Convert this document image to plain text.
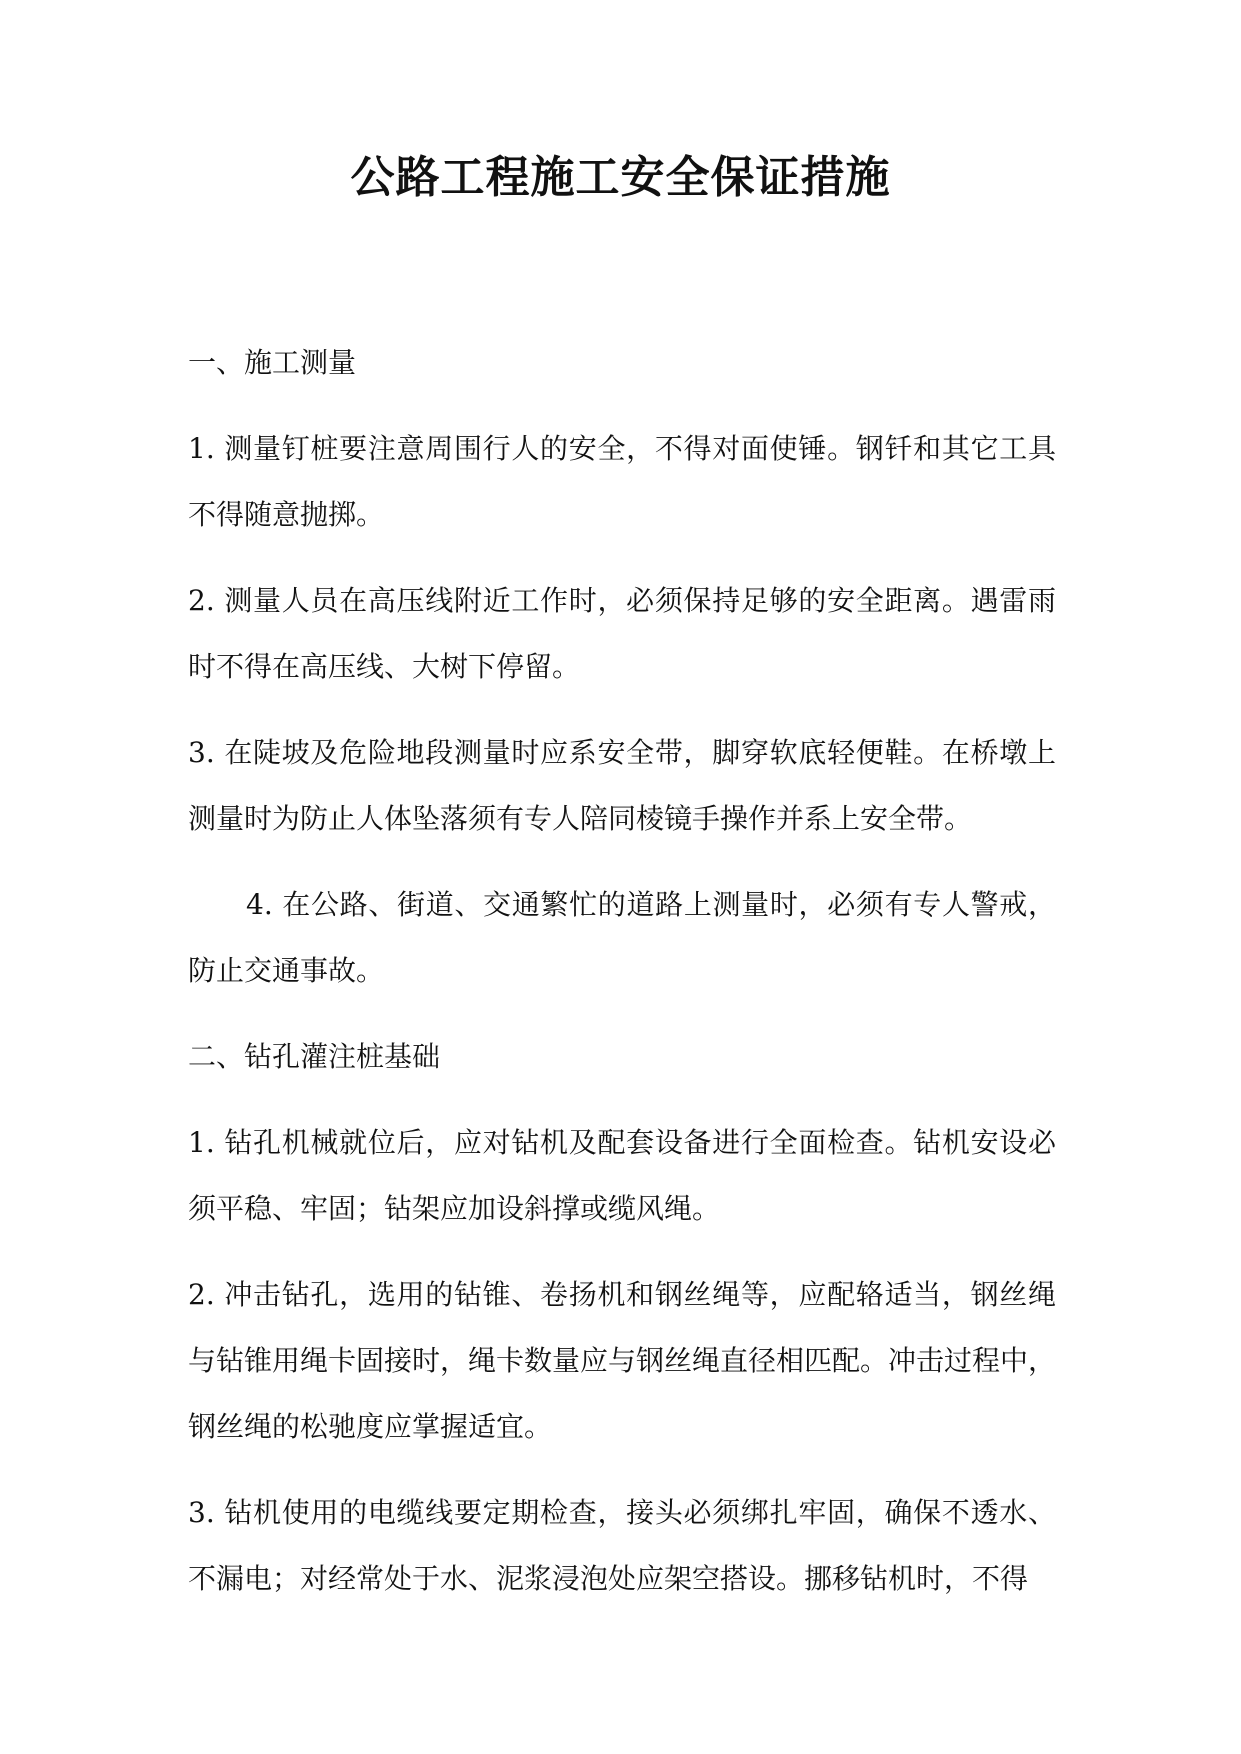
公路工程施工安全保证措施
一、施工测量

1. 测量钉桩要注意周围行人的安全，不得对面使锤。钢钎和其它工具不得随意抛掷。

2. 测量人员在高压线附近工作时，必须保持足够的安全距离。遇雷雨时不得在高压线、大树下停留。

3. 在陡坡及危险地段测量时应系安全带，脚穿软底轻便鞋。在桥墩上测量时为防止人体坠落须有专人陪同棱镜手操作并系上安全带。

4. 在公路、街道、交通繁忙的道路上测量时，必须有专人警戒，防止交通事故。

二、钻孔灌注桩基础

1. 钻孔机械就位后，应对钻机及配套设备进行全面检查。钻机安设必须平稳、牢固；钻架应加设斜撑或缆风绳。

2. 冲击钻孔，选用的钻锥、卷扬机和钢丝绳等，应配辂适当，钢丝绳与钻锥用绳卡固接时，绳卡数量应与钢丝绳直径相匹配。冲击过程中，钢丝绳的松驰度应掌握适宜。

3. 钻机使用的电缆线要定期检查，接头必须绑扎牢固，确保不透水、不漏电；对经常处于水、泥浆浸泡处应架空搭设。挪移钻机时，不得
